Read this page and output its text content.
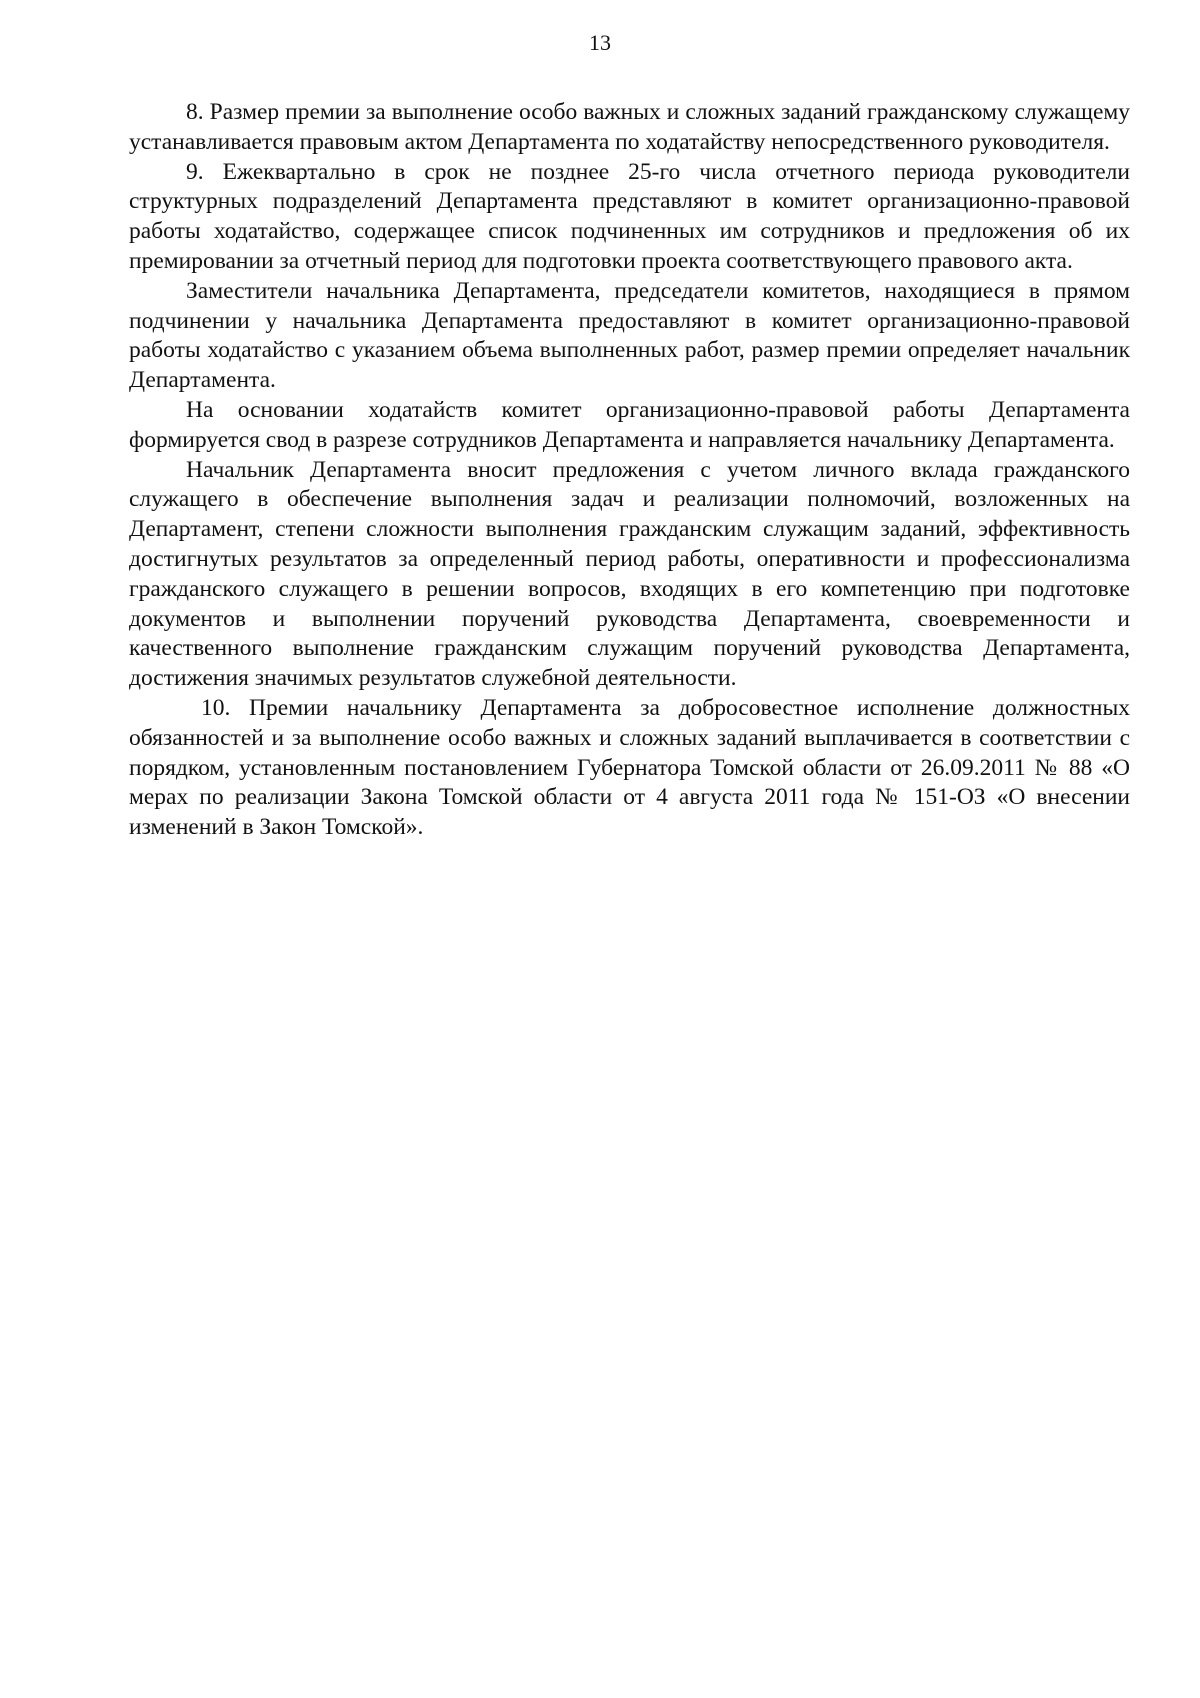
13

8. Размер премии за выполнение особо важных и сложных заданий гражданскому служащему устанавливается правовым актом Департамента по ходатайству непосредственного руководителя.

9. Ежеквартально в срок не позднее 25-го числа отчетного периода руководители структурных подразделений Департамента представляют в комитет организационно-правовой работы ходатайство, содержащее список подчиненных им сотрудников и предложения об их премировании за отчетный период для подготовки проекта соответствующего правового акта.

Заместители начальника Департамента, председатели комитетов, находящиеся в прямом подчинении у начальника Департамента предоставляют в комитет организационно-правовой работы ходатайство с указанием объема выполненных работ, размер премии определяет начальник Департамента.

На основании ходатайств комитет организационно-правовой работы Департамента формируется свод в разрезе сотрудников Департамента и направляется начальнику Департамента.

Начальник Департамента вносит предложения с учетом личного вклада гражданского служащего в обеспечение выполнения задач и реализации полномочий, возложенных на Департамент, степени сложности выполнения гражданским служащим заданий, эффективность достигнутых результатов за определенный период работы, оперативности и профессионализма гражданского служащего в решении вопросов, входящих в его компетенцию при подготовке документов и выполнении поручений руководства Департамента, своевременности и качественного выполнение гражданским служащим поручений руководства Департамента, достижения значимых результатов служебной деятельности.

10. Премии начальнику Департамента за добросовестное исполнение должностных обязанностей и за выполнение особо важных и сложных заданий выплачивается в соответствии с порядком, установленным постановлением Губернатора Томской области от 26.09.2011 № 88 «О мерах по реализации Закона Томской области от 4 августа 2011 года № 151-ОЗ «О внесении изменений в Закон Томской».
